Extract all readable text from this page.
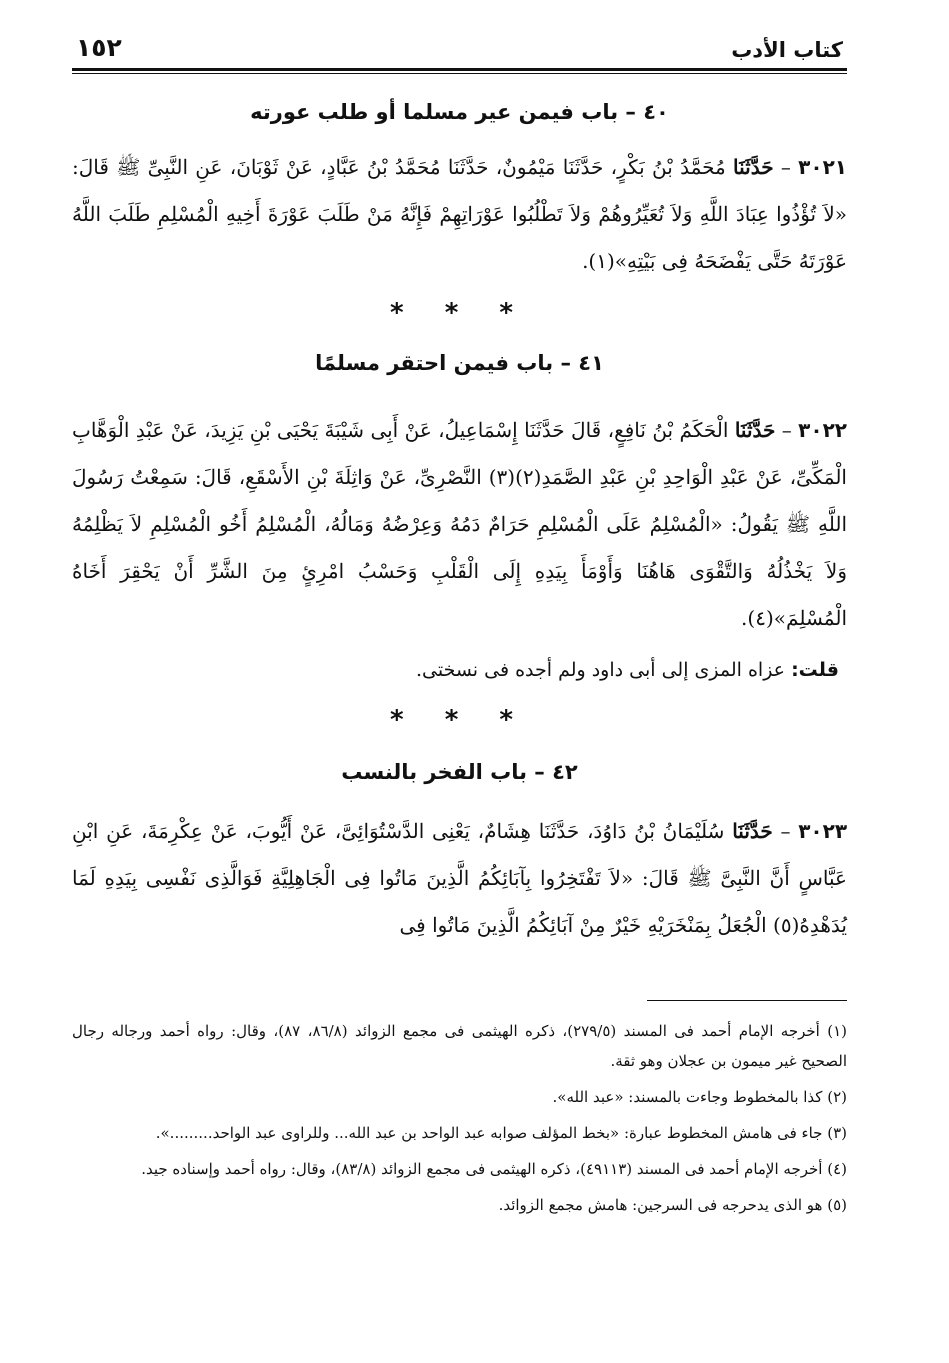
كتاب الأدب
١٥٢
٤٠ – باب فيمن عير مسلما أو طلب عورته

٣٠٢١ – حَدَّثَنَا مُحَمَّدُ بْنُ بَكْرٍ، حَدَّثَنَا مَيْمُونٌ، حَدَّثَنَا مُحَمَّدُ بْنُ عَبَّادٍ، عَنْ ثَوْبَانَ، عَنِ النَّبِىِّ ﷺ قَالَ: «لاَ تُؤْذُوا عِبَادَ اللَّهِ وَلاَ تُعَيِّرُوهُمْ وَلاَ تَطْلُبُوا عَوْرَاتِهِمْ فَإِنَّهُ مَنْ طَلَبَ عَوْرَةَ أَخِيهِ الْمُسْلِمِ طَلَبَ اللَّهُ عَوْرَتَهُ حَتَّى يَفْضَحَهُ فِى بَيْتِهِ»(١).

* * *
٤١ – باب فيمن احتقر مسلمًا

٣٠٢٢ – حَدَّثَنَا الْحَكَمُ بْنُ نَافِعٍ، قَالَ حَدَّثَنَا إِسْمَاعِيلُ، عَنْ أَبِى شَيْبَةَ يَحْيَى بْنِ يَزِيدَ، عَنْ عَبْدِ الْوَهَّابِ الْمَكِّىِّ، عَنْ عَبْدِ الْوَاحِدِ بْنِ عَبْدِ الصَّمَدِ(٢)(٣) النَّصْرِىِّ، عَنْ وَاثِلَةَ بْنِ الأَسْقَعِ، قَالَ: سَمِعْتُ رَسُولَ اللَّهِ ﷺ يَقُولُ: «الْمُسْلِمُ عَلَى الْمُسْلِمِ حَرَامٌ دَمُهُ وَعِرْضُهُ وَمَالُهُ، الْمُسْلِمُ أَخُو الْمُسْلِمِ لاَ يَظْلِمُهُ وَلاَ يَخْذُلُهُ وَالتَّقْوَى هَاهُنَا وَأَوْمَأَ بِيَدِهِ إِلَى الْقَلْبِ وَحَسْبُ امْرِئٍ مِنَ الشَّرِّ أَنْ يَحْقِرَ أَخَاهُ الْمُسْلِمَ»(٤).

قلت: عزاه المزى إلى أبى داود ولم أجده فى نسختى.

* * *
٤٢ – باب الفخر بالنسب

٣٠٢٣ – حَدَّثَنَا سُلَيْمَانُ بْنُ دَاوُدَ، حَدَّثَنَا هِشَامٌ، يَعْنِى الدَّسْتُوَائِىَّ، عَنْ أَيُّوبَ، عَنْ عِكْرِمَةَ، عَنِ ابْنِ عَبَّاسٍ أَنَّ النَّبِىَّ ﷺ قَالَ: «لاَ تَفْتَخِرُوا بِآبَائِكُمُ الَّذِينَ مَاتُوا فِى الْجَاهِلِيَّةِ فَوَالَّذِى نَفْسِى بِيَدِهِ لَمَا يُدَهْدِهُ(٥) الْجُعَلُ بِمَنْخَرَيْهِ خَيْرٌ مِنْ آبَائِكُمُ الَّذِينَ مَاتُوا فِى

(١) أخرجه الإمام أحمد فى المسند (٢٧٩/٥)، ذكره الهيثمى فى مجمع الزوائد (٨٦/٨، ٨٧)، وقال: رواه أحمد ورجاله رجال الصحيح غير ميمون بن عجلان وهو ثقة.

(٢) كذا بالمخطوط وجاءت بالمسند: «عبد الله».

(٣) جاء فى هامش المخطوط عبارة: «بخط المؤلف صوابه عبد الواحد بن عبد الله... وللراوى عبد الواحد.........».

(٤) أخرجه الإمام أحمد فى المسند (٤٩١١٣)، ذكره الهيثمى فى مجمع الزوائد (٨٣/٨)، وقال: رواه أحمد وإسناده جيد.

(٥) هو الذى يدحرجه فى السرجين: هامش مجمع الزوائد.
